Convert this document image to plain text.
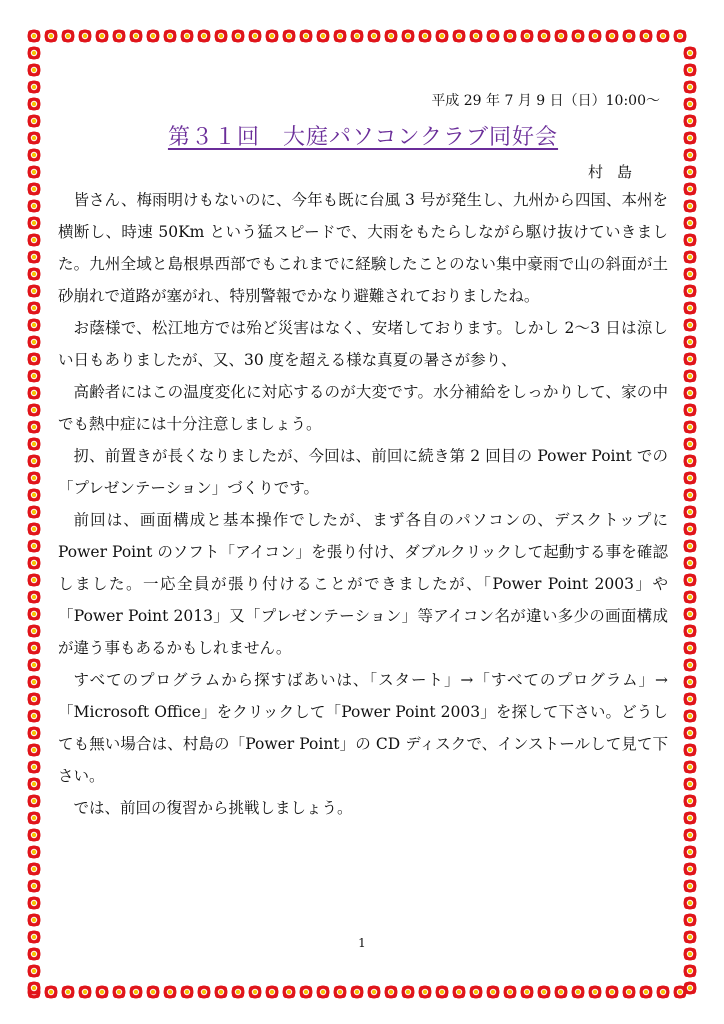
平成 29 年 7 月 9 日（日）10:00～

第３１回　大庭パソコンクラブ同好会

村島

皆さん、梅雨明けもないのに、今年も既に台風 3 号が発生し、九州から四国、本州を横断し、時速 50Km という猛スピードで、大雨をもたらしながら駆け抜けていきました。九州全域と島根県西部でもこれまでに経験したことのない集中豪雨で山の斜面が土砂崩れで道路が塞がれ、特別警報でかなり避難されておりましたね。

お蔭様で、松江地方では殆ど災害はなく、安堵しております。しかし 2～3 日は涼しい日もありましたが、又、30 度を超える様な真夏の暑さが参り、

高齢者にはこの温度変化に対応するのが大変です。水分補給をしっかりして、家の中でも熱中症には十分注意しましょう。

扨、前置きが長くなりましたが、今回は、前回に続き第 2 回目の Power Point での「プレゼンテーション」づくりです。

前回は、画面構成と基本操作でしたが、まず各自のパソコンの、デスクトップに Power Point のソフト「アイコン」を張り付け、ダブルクリックして起動する事を確認しました。一応全員が張り付けることができましたが、「Power Point 2003」や「Power Point 2013」又「プレゼンテーション」等アイコン名が違い多少の画面構成が違う事もあるかもしれません。

すべてのプログラムから探すばあいは、「スタート」→「すべてのプログラム」→「Microsoft Office」をクリックして「Power Point 2003」を探して下さい。どうしても無い場合は、村島の「Power Point」の CD ディスクで、インストールして見て下さい。

では、前回の復習から挑戦しましょう。

1
